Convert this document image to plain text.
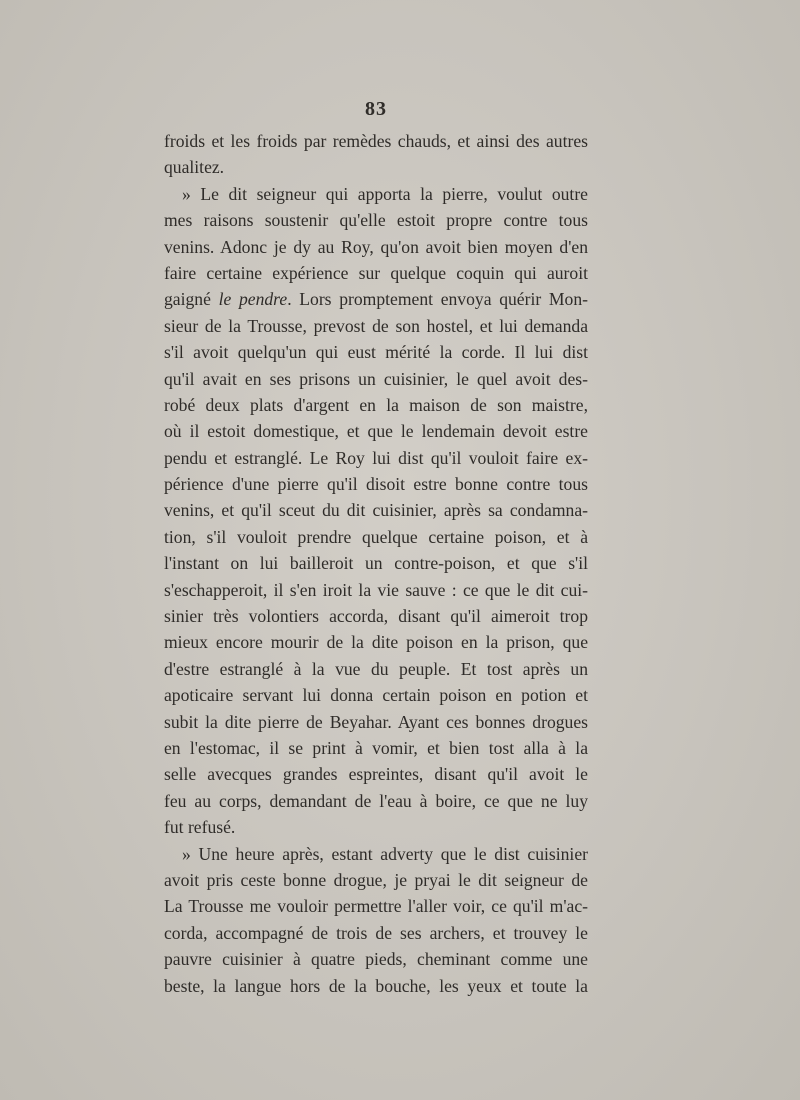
83
froids et les froids par remèdes chauds, et ainsi des autres
qualitez.
» Le dit seigneur qui apporta la pierre, voulut outre
mes raisons soustenir qu'elle estoit propre contre tous
venins. Adonc je dy au Roy, qu'on avoit bien moyen d'en
faire certaine expérience sur quelque coquin qui auroit
gaigné le pendre. Lors promptement envoya quérir Mon-
sieur de la Trousse, prevost de son hostel, et lui demanda
s'il avoit quelqu'un qui eust mérité la corde. Il lui dist
qu'il avait en ses prisons un cuisinier, le quel avoit des-
robé deux plats d'argent en la maison de son maistre,
où il estoit domestique, et que le lendemain devoit estre
pendu et estranglé. Le Roy lui dist qu'il vouloit faire ex-
périence d'une pierre qu'il disoit estre bonne contre tous
venins, et qu'il sceut du dit cuisinier, après sa condamna-
tion, s'il vouloit prendre quelque certaine poison, et à
l'instant on lui bailleroit un contre-poison, et que s'il
s'eschapperoit, il s'en iroit la vie sauve : ce que le dit cui-
sinier très volontiers accorda, disant qu'il aimeroit trop
mieux encore mourir de la dite poison en la prison, que
d'estre estranglé à la vue du peuple. Et tost après un
apoticaire servant lui donna certain poison en potion et
subit la dite pierre de Beyahar. Ayant ces bonnes drogues
en l'estomac, il se print à vomir, et bien tost alla à la
selle avecques grandes espreintes, disant qu'il avoit le
feu au corps, demandant de l'eau à boire, ce que ne luy
fut refusé.
» Une heure après, estant adverty que le dist cuisinier
avoit pris ceste bonne drogue, je pryai le dit seigneur de
La Trousse me vouloir permettre l'aller voir, ce qu'il m'ac-
corda, accompagné de trois de ses archers, et trouvey le
pauvre cuisinier à quatre pieds, cheminant comme une
beste, la langue hors de la bouche, les yeux et toute la
